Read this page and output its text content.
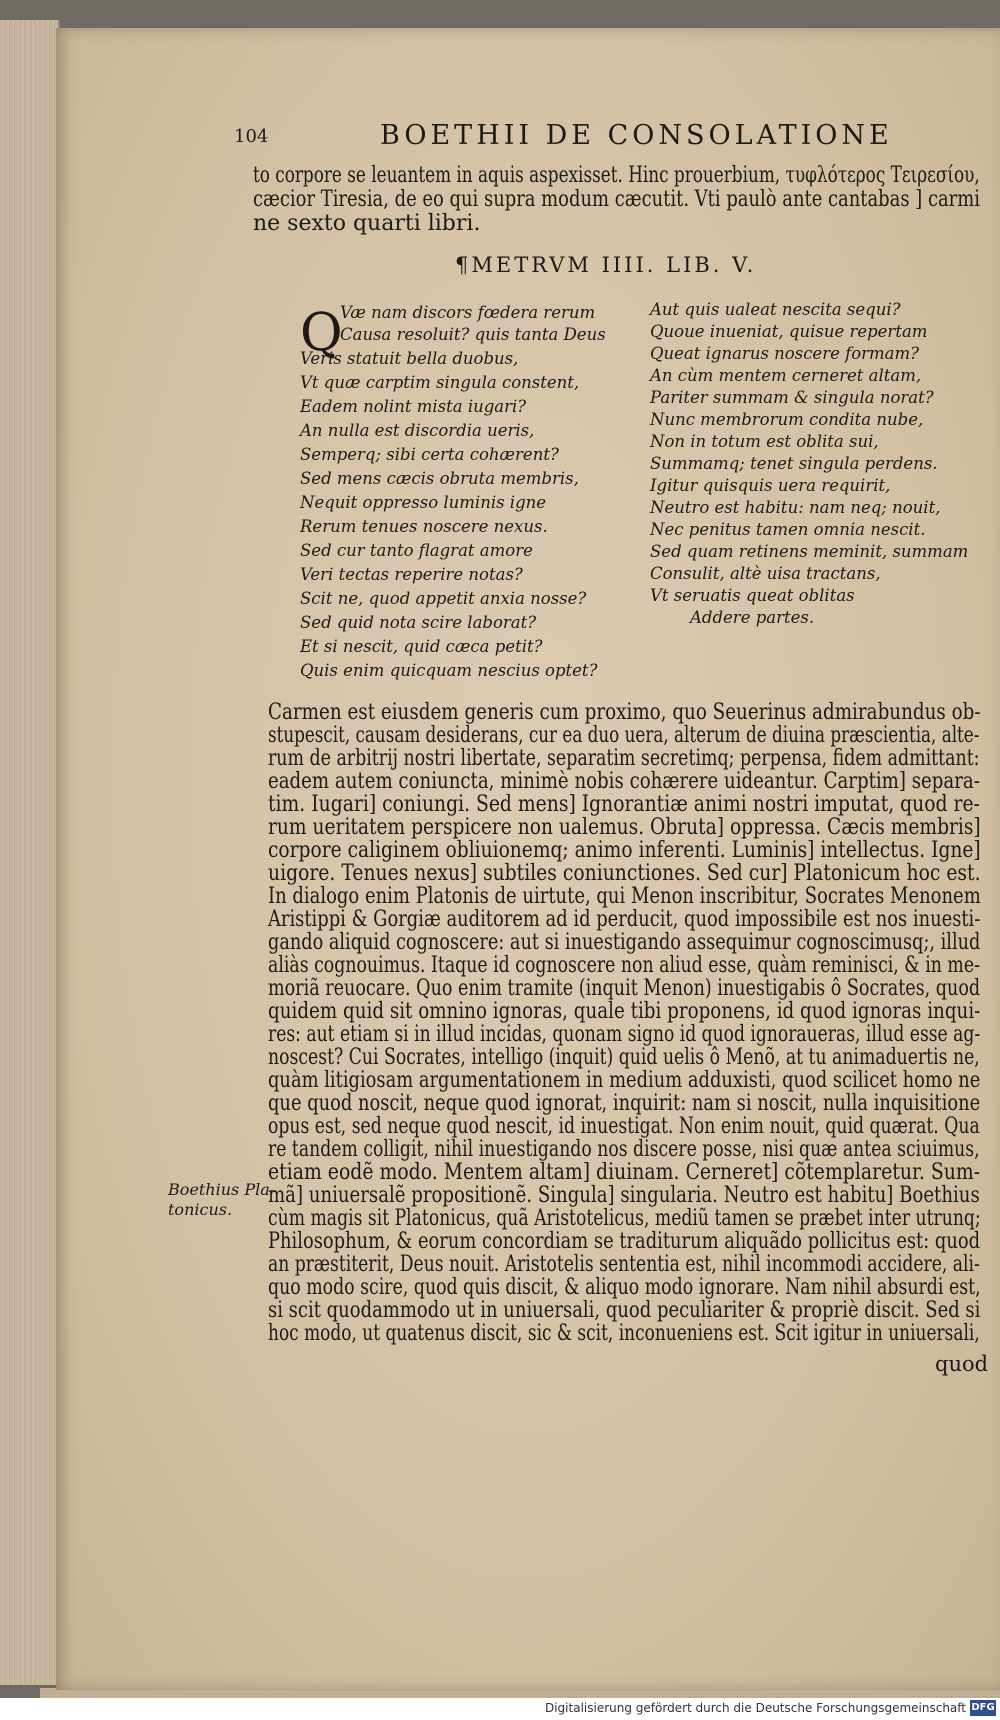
104	BOETHII DE CONSOLATIONE
to corpore se leuantem in aquis aspexisset. Hinc prouerbium, τυφλότερος Τειρεσίου,
cæcior Tiresia, de eo qui supra modum cæcutit. Vti paulò ante cantabas ] carmi
ne sexto quarti libri.
¶METRVM IIII. LIB. V.
Q
Væ nam discors fœdera rerum
Causa resoluit? quis tanta Deus
Veris statuit bella duobus,
Vt quæ carptim singula constent,
Eadem nolint mista iugari?
An nulla est discordia ueris,
Semperq; sibi certa cohærent?
Sed mens cæcis obruta membris,
Nequit oppresso luminis igne
Rerum tenues noscere nexus.
Sed cur tanto flagrat amore
Veri tectas reperire notas?
Scit ne, quod appetit anxia nosse?
Sed quid nota scire laborat?
Et si nescit, quid cæca petit?
Quis enim quicquam nescius optet?
Aut quis ualeat nescita sequi?
Quoue inueniat, quisue repertam
Queat ignarus noscere formam?
An cùm mentem cerneret altam,
Pariter summam & singula norat?
Nunc membrorum condita nube,
Non in totum est oblita sui,
Summamq; tenet singula perdens.
Igitur quisquis uera requirit,
Neutro est habitu: nam neq; nouit,
Nec penitus tamen omnia nescit.
Sed quam retinens meminit, summam
Consulit, altè uisa tractans,
Vt seruatis queat oblitas
Addere partes.
Carmen est eiusdem generis cum proximo, quo Seuerinus admirabundus ob-
stupescit, causam desiderans, cur ea duo uera, alterum de diuina præscientia, alte-
rum de arbitrij nostri libertate, separatim secretimq; perpensa, fidem admittant:
eadem autem coniuncta, minimè nobis cohærere uideantur. Carptim] separa-
tim. Iugari] coniungi. Sed mens] Ignorantiæ animi nostri imputat, quod re-
rum ueritatem perspicere non ualemus. Obruta] oppressa. Cæcis membris]
corpore caliginem obliuionemq; animo inferenti. Luminis] intellectus. Igne]
uigore. Tenues nexus] subtiles coniunctiones. Sed cur] Platonicum hoc est.
In dialogo enim Platonis de uirtute, qui Menon inscribitur, Socrates Menonem
Aristippi & Gorgiæ auditorem ad id perducit, quod impossibile est nos inuesti-
gando aliquid cognoscere: aut si inuestigando assequimur cognoscimusq;, illud
aliàs cognouimus. Itaque id cognoscere non aliud esse, quàm reminisci, & in me-
moriã reuocare. Quo enim tramite (inquit Menon) inuestigabis ô Socrates, quod
quidem quid sit omnino ignoras, quale tibi proponens, id quod ignoras inqui-
res: aut etiam si in illud incidas, quonam signo id quod ignoraueras, illud esse ag-
noscest? Cui Socrates, intelligo (inquit) quid uelis ô Menõ, at tu animaduertis ne,
quàm litigiosam argumentationem in medium adduxisti, quod scilicet homo ne
que quod noscit, neque quod ignorat, inquirit: nam si noscit, nulla inquisitione
opus est, sed neque quod nescit, id inuestigat. Non enim nouit, quid quærat. Qua
re tandem colligit, nihil inuestigando nos discere posse, nisi quæ antea sciuimus,
etiam eodẽ modo. Mentem altam] diuinam. Cerneret] cõtemplaretur. Sum-
mã] uniuersalẽ propositionẽ. Singula] singularia. Neutro est habitu] Boethius
cùm magis sit Platonicus, quã Aristotelicus, mediũ tamen se præbet inter utrunq;
Philosophum, & eorum concordiam se traditurum aliquãdo pollicitus est: quod
an præstiterit, Deus nouit. Aristotelis sententia est, nihil incommodi accidere, ali-
quo modo scire, quod quis discit, & aliquo modo ignorare. Nam nihil absurdi est,
si scit quodammodo ut in uniuersali, quod peculiariter & propriè discit. Sed si
hoc modo, ut quatenus discit, sic & scit, inconueniens est. Scit igitur in uniuersali,
Boethius Pla-
tonicus.
quod
Digitalisierung gefördert durch die Deutsche Forschungsgemeinschaft DFG
